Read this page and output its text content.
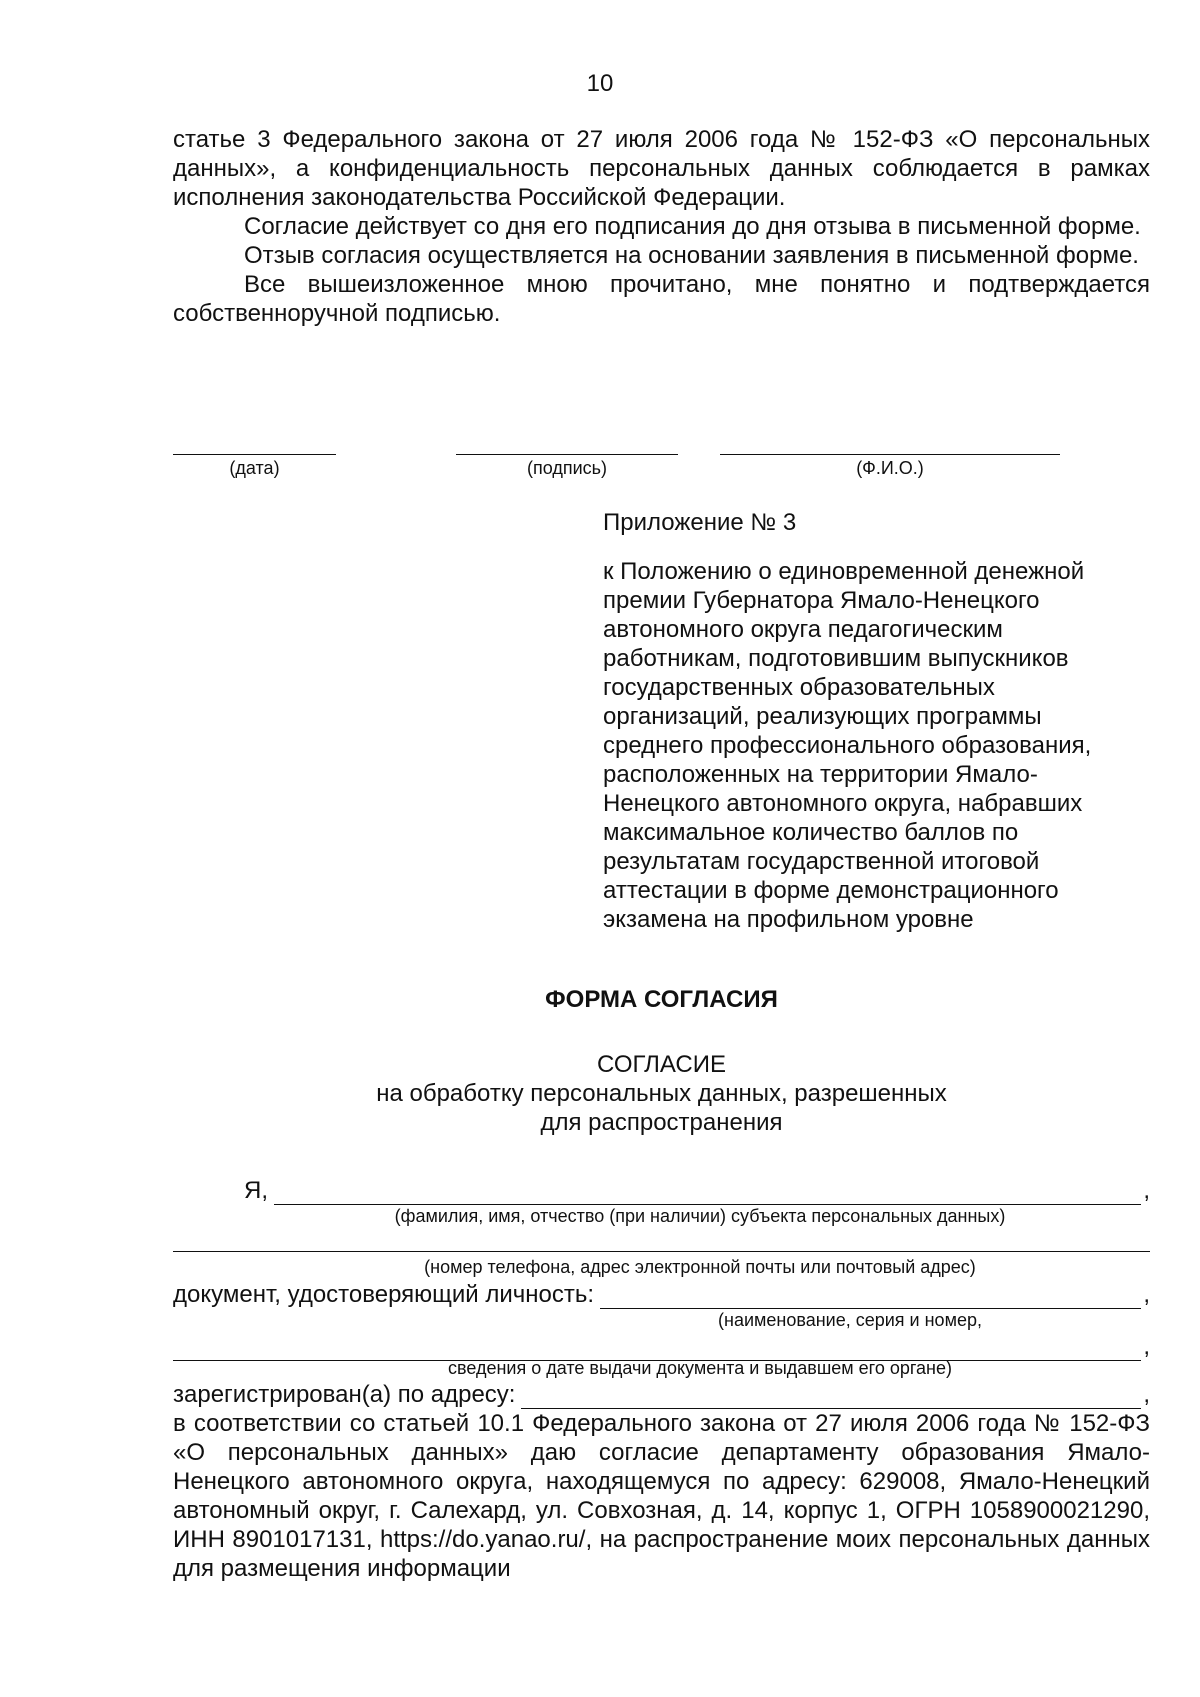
10

статье 3 Федерального закона от 27 июля 2006 года № 152-ФЗ «О персональных данных», а конфиденциальность персональных данных соблюдается в рамках исполнения законодательства Российской Федерации.

Согласие действует со дня его подписания до дня отзыва в письменной форме.

Отзыв согласия осуществляется на основании заявления в письменной форме.

Все вышеизложенное мною прочитано, мне понятно и подтверждается собственноручной подписью.

(дата)	(подпись)	(Ф.И.О.)
Приложение № 3
к Положению о единовременной денежной
премии Губернатора Ямало-Ненецкого
автономного округа педагогическим
работникам, подготовившим выпускников
государственных образовательных
организаций, реализующих программы
среднего профессионального образования,
расположенных на территории Ямало-
Ненецкого автономного округа, набравших
максимальное количество баллов по
результатам государственной итоговой
аттестации в форме демонстрационного
экзамена на профильном уровне
ФОРМА СОГЛАСИЯ
СОГЛАСИЕ
на обработку персональных данных, разрешенных
для распространения
Я,	,
(фамилия, имя, отчество (при наличии) субъекта персональных данных)
(номер телефона, адрес электронной почты или почтовый адрес)
документ, удостоверяющий личность:	,
(наименование, серия и номер,
,
сведения о дате выдачи документа и выдавшем его органе)
зарегистрирован(а) по адресу:	,

в соответствии со статьей 10.1 Федерального закона от 27 июля 2006 года № 152-ФЗ «О персональных данных» даю согласие департаменту образования Ямало-Ненецкого автономного округа, находящемуся по адресу: 629008, Ямало-Ненецкий автономный округ, г. Салехард, ул. Совхозная, д. 14, корпус 1, ОГРН 1058900021290, ИНН 8901017131, https://do.yanao.ru/, на распространение моих персональных данных для размещения информации
